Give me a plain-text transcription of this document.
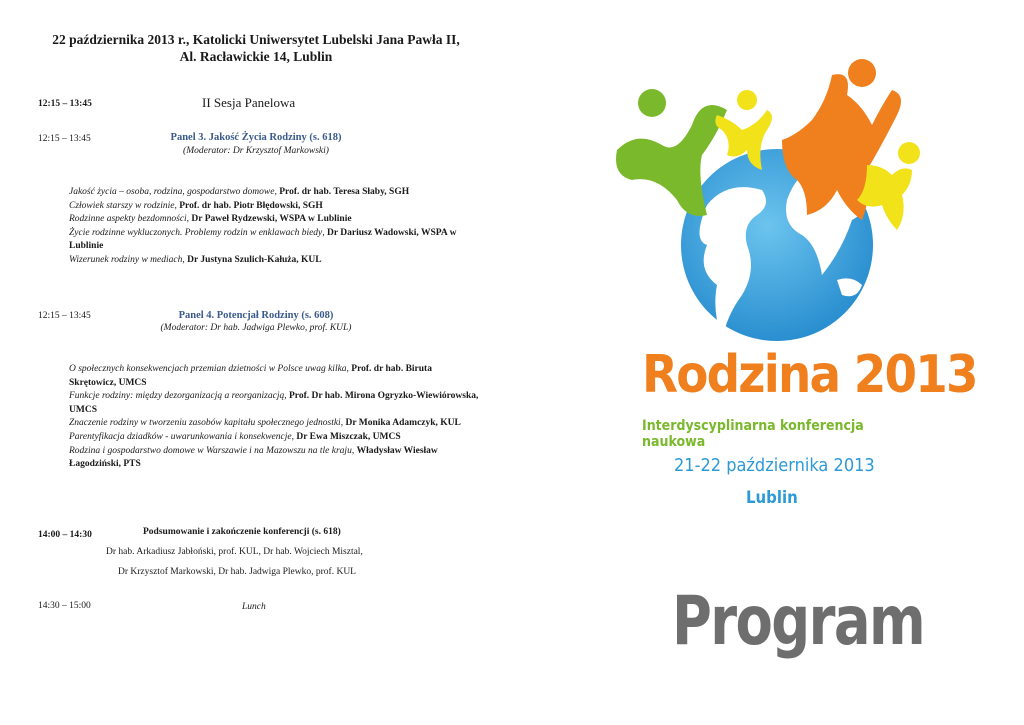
22 października 2013 r., Katolicki Uniwersytet Lubelski Jana Pawła II,
Al. Racławickie 14, Lublin
12:15 – 13:45	II Sesja Panelowa
12:15 – 13:45	Panel 3. Jakość Życia Rodziny (s. 618)
(Moderator: Dr Krzysztof Markowski)
Jakość życia – osoba, rodzina, gospodarstwo domowe, Prof. dr hab. Teresa Słaby, SGH
Człowiek starszy w rodzinie, Prof. dr hab. Piotr Błędowski, SGH
Rodzinne aspekty bezdomności, Dr Paweł Rydzewski, WSPA w Lublinie
Życie rodzinne wykluczonych. Problemy rodzin w enklawach biedy, Dr Dariusz Wadowski, WSPA w Lublinie
Wizerunek rodziny w mediach, Dr Justyna Szulich-Kałuża, KUL
12:15 – 13:45	Panel 4. Potencjał Rodziny (s. 608)
(Moderator: Dr hab. Jadwiga Plewko, prof. KUL)
O społecznych konsekwencjach przemian dzietności w Polsce uwag kilka, Prof. dr hab. Biruta Skrętowicz, UMCS
Funkcje rodziny: między dezorganizacją a reorganizacją, Prof. Dr hab. Mirona Ogryzko-Wiewiórowska, UMCS
Znaczenie rodziny w tworzeniu zasobów kapitału społecznego jednostki, Dr Monika Adamczyk, KUL
Parentyfikacja dziadków - uwarunkowania i konsekwencje, Dr Ewa Miszczak, UMCS
Rodzina i gospodarstwo domowe w Warszawie i na Mazowszu na tle kraju, Władysław Wiesław Łagodziński, PTS
14:00 – 14:30	Podsumowanie i zakończenie konferencji (s. 618)
Dr hab. Arkadiusz Jabłoński, prof. KUL, Dr hab. Wojciech Misztal,
Dr Krzysztof Markowski, Dr hab. Jadwiga Plewko, prof. KUL
14:30 – 15:00	Lunch
Rodzina 2013
Interdyscyplinarna konferencja naukowa
21-22 października 2013
Lublin
Program
